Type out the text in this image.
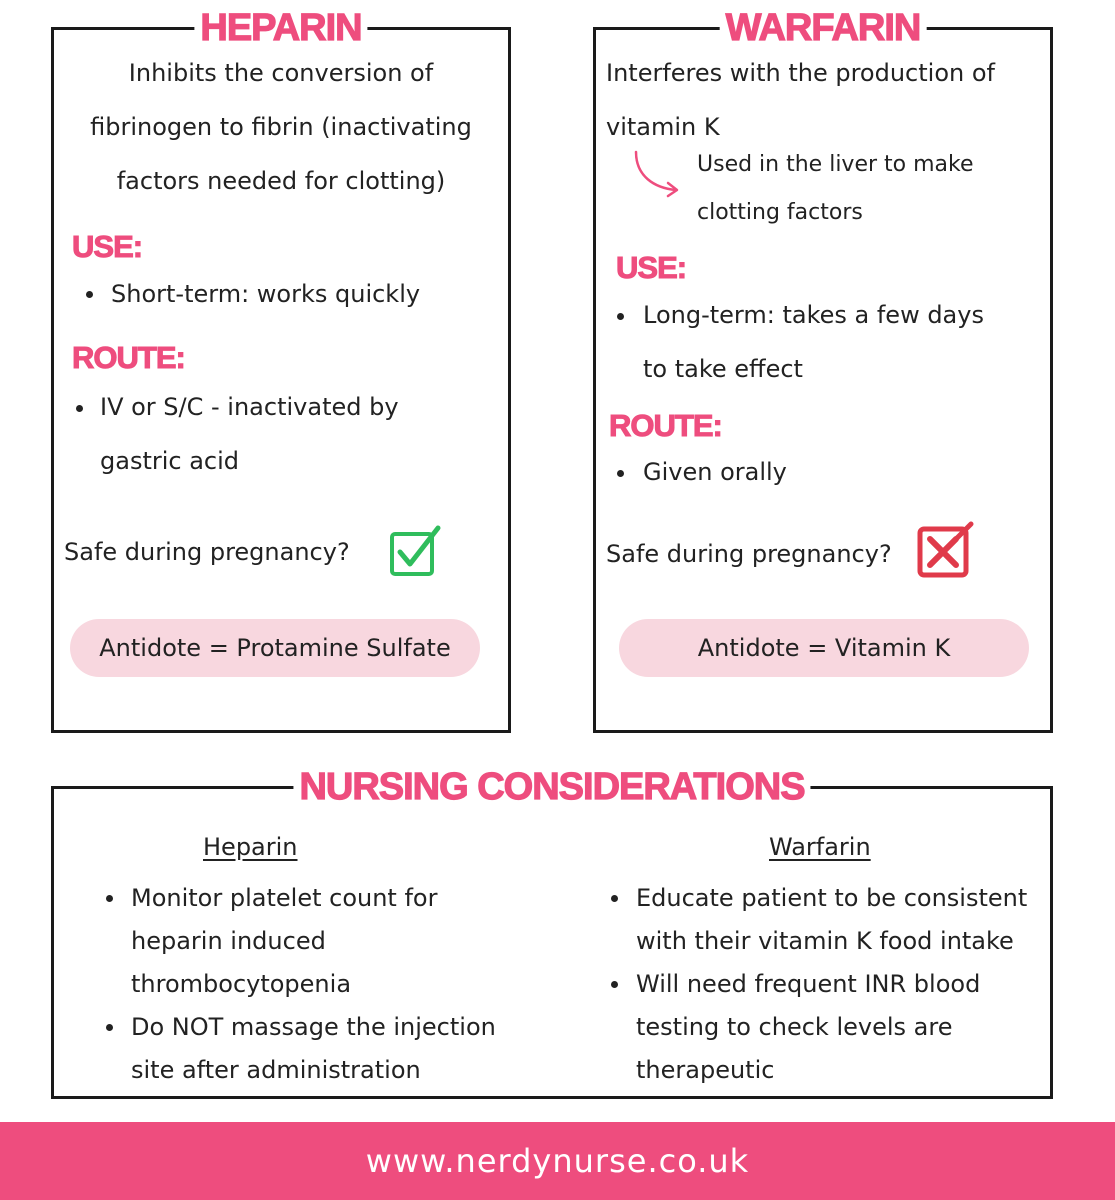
HEPARIN
Inhibits the conversion of
fibrinogen to fibrin (inactivating
factors needed for clotting)
USE:
Short-term: works quickly
ROUTE:
IV or S/C - inactivated by
gastric acid
Safe during pregnancy?
Antidote = Protamine Sulfate
WARFARIN
Interferes with the production of
vitamin K
Used in the liver to make
clotting factors
USE:
Long-term: takes a few days
to take effect
ROUTE:
Given orally
Safe during pregnancy?
Antidote = Vitamin K
NURSING CONSIDERATIONS
Heparin
Monitor platelet count for
heparin induced
thrombocytopenia
Do NOT massage the injection
site after administration
Warfarin
Educate patient to be consistent
with their vitamin K food intake
Will need frequent INR blood
testing to check levels are
therapeutic
www.nerdynurse.co.uk
